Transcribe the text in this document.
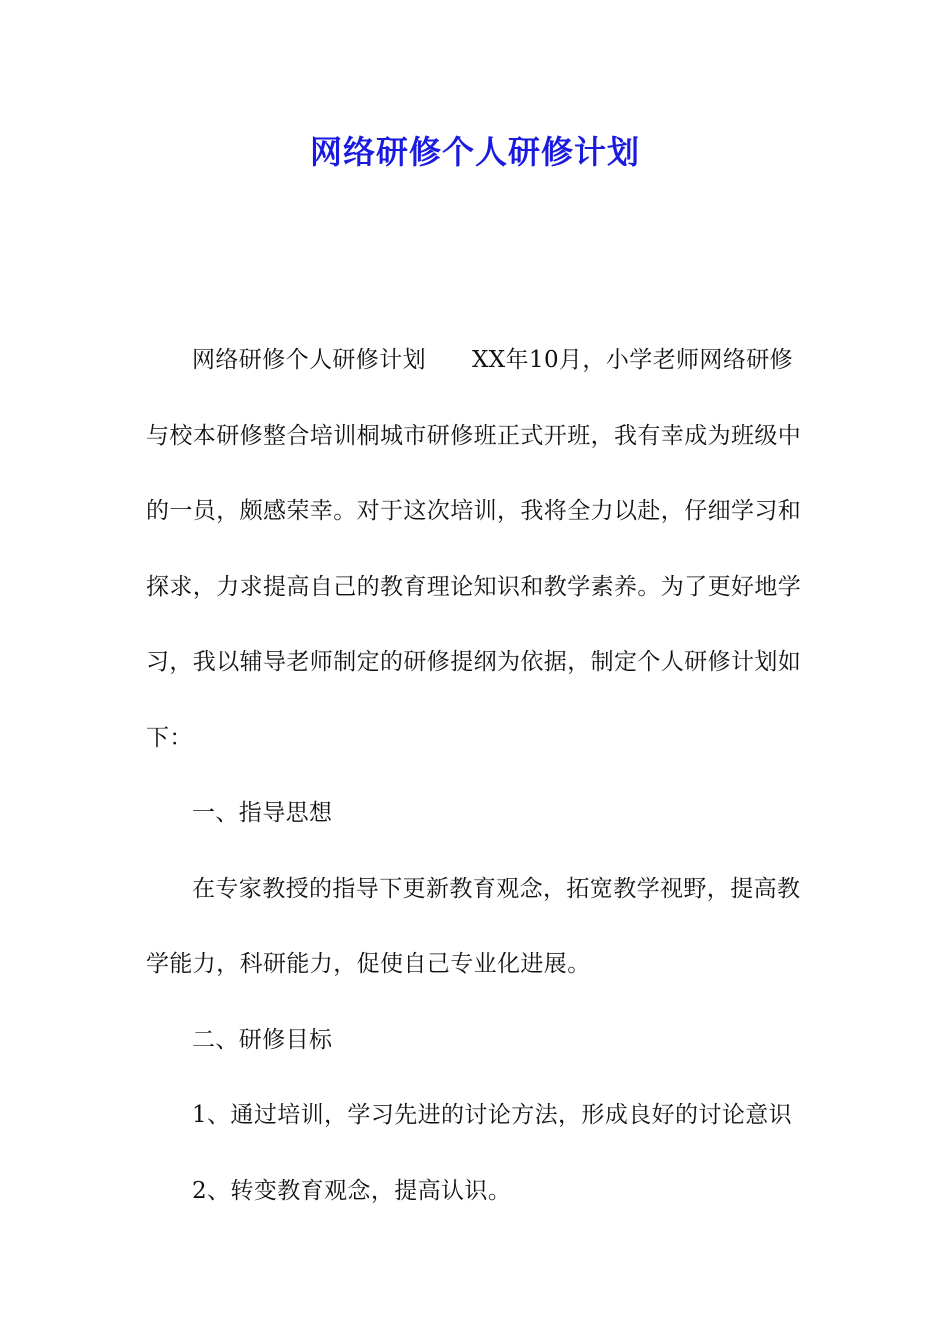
网络研修个人研修计划

网络研修个人研修计划 XX年10月，小学老师网络研修与校本研修整合培训桐城市研修班正式开班，我有幸成为班级中的一员，颇感荣幸。对于这次培训，我将全力以赴，仔细学习和探求，力求提高自己的教育理论知识和教学素养。为了更好地学习，我以辅导老师制定的研修提纲为依据，制定个人研修计划如下：

一、指导思想

在专家教授的指导下更新教育观念，拓宽教学视野，提高教学能力，科研能力，促使自己专业化进展。

二、研修目标

1、通过培训，学习先进的讨论方法，形成良好的讨论意识

2、转变教育观念，提高认识。
